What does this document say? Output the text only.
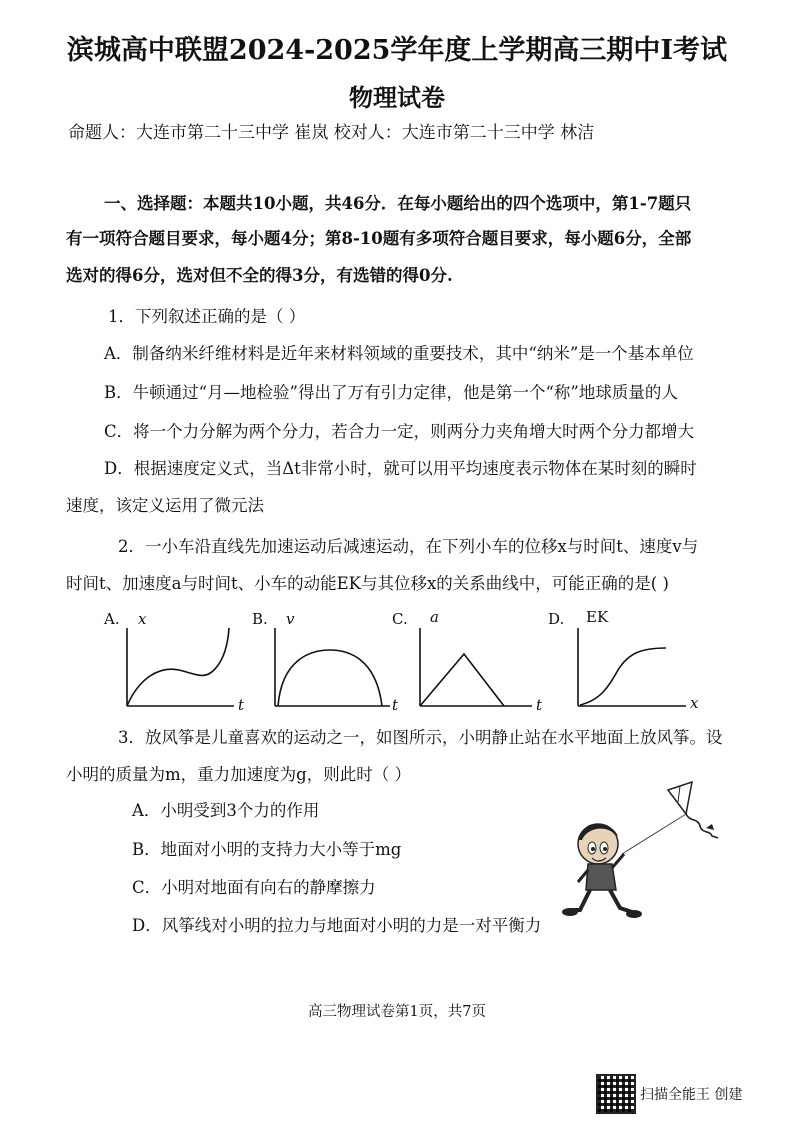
滨城高中联盟2024-2025学年度上学期高三期中Ⅰ考试
物理试卷
命题人：大连市第二十三中学 崔岚 校对人：大连市第二十三中学 林洁
一、选择题：本题共10小题，共46分．在每小题给出的四个选项中，第1-7题只
有一项符合题目要求，每小题4分；第8-10题有多项符合题目要求，每小题6分，全部
选对的得6分，选对但不全的得3分，有选错的得0分.
1．下列叙述正确的是（ ）
A．制备纳米纤维材料是近年来材料领域的重要技术，其中“纳米”是一个基本单位
B．牛顿通过“月—地检验”得出了万有引力定律，他是第一个“称”地球质量的人
C．将一个力分解为两个分力，若合力一定，则两分力夹角增大时两个分力都增大
D．根据速度定义式，当Δt非常小时，就可以用平均速度表示物体在某时刻的瞬时
速度，该定义运用了微元法
2．一小车沿直线先加速运动后减速运动，在下列小车的位移x与时间t、速度v与
时间t、加速度a与时间t、小车的动能EK与其位移x的关系曲线中，可能正确的是( )
A. x
t
B. v
t
C. a
t
D. EK
x
3．放风筝是儿童喜欢的运动之一，如图所示，小明静止站在水平地面上放风筝。设
小明的质量为m，重力加速度为g，则此时（ ）
A．小明受到3个力的作用
B．地面对小明的支持力大小等于mg
C．小明对地面有向右的静摩擦力
D．风筝线对小明的拉力与地面对小明的力是一对平衡力
高三物理试卷第1页，共7页
扫描全能王 创建
